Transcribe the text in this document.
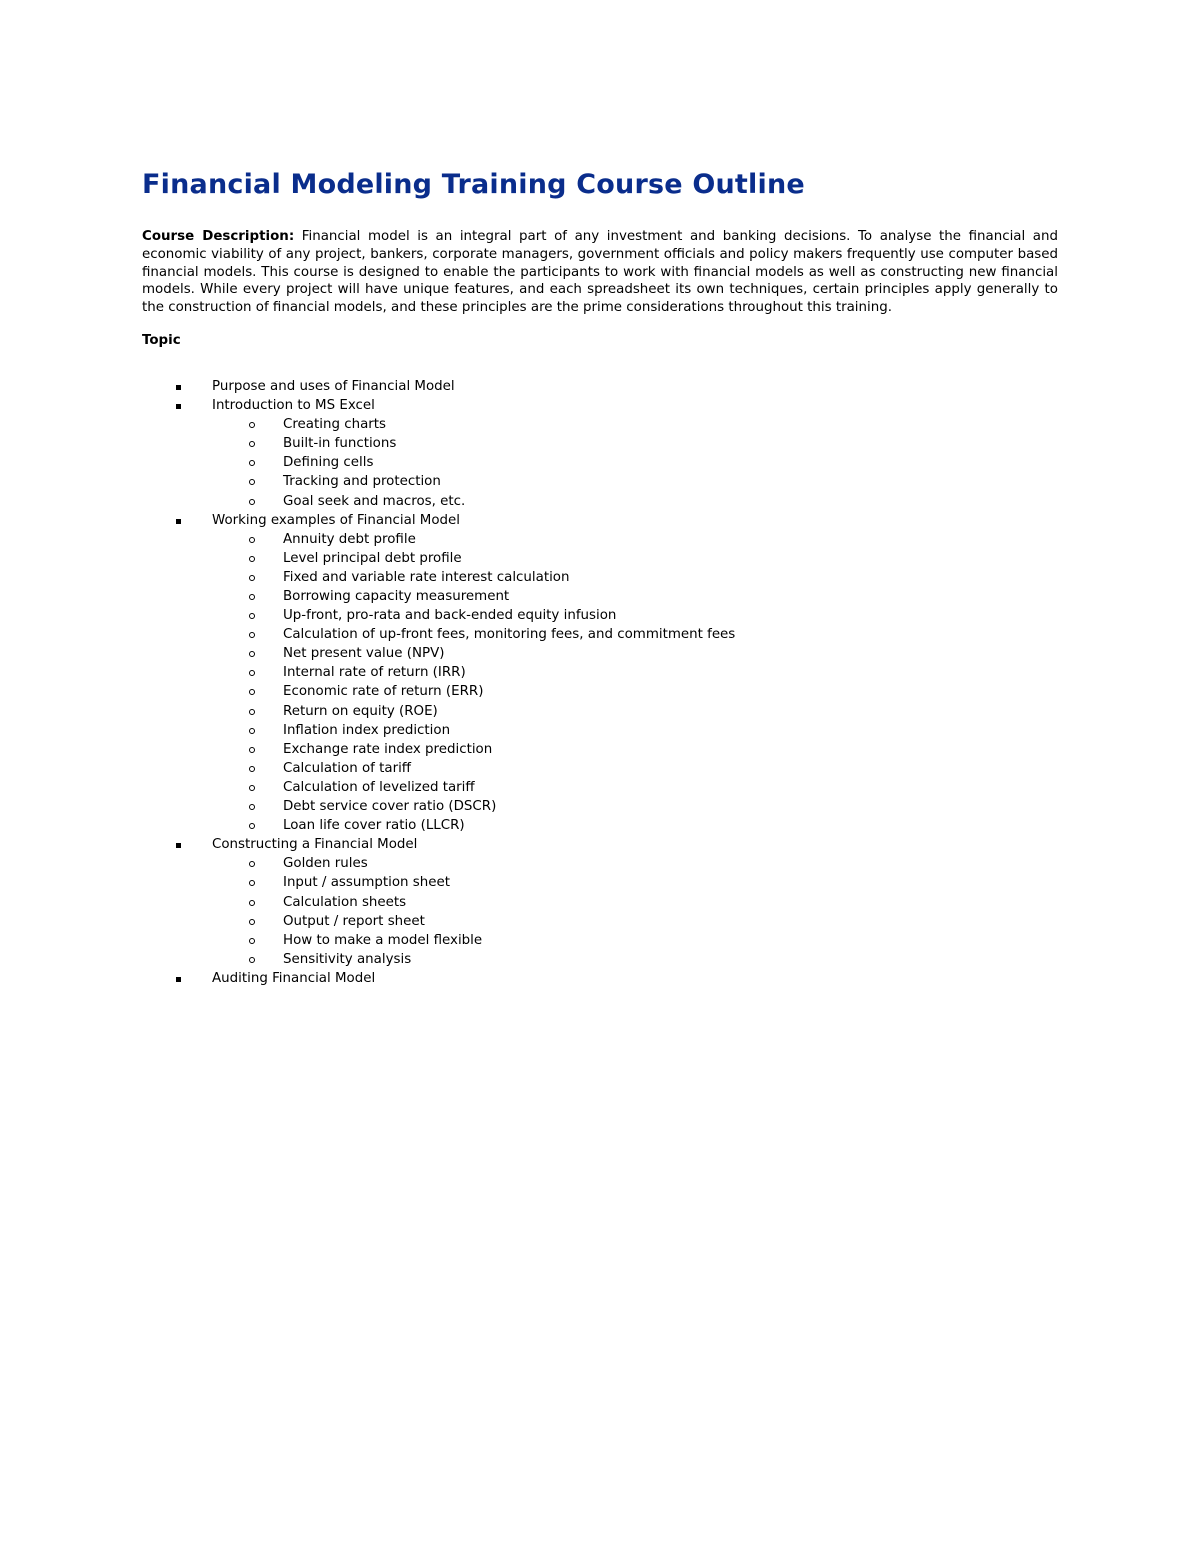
Financial Modeling Training Course Outline

Course Description: Financial model is an integral part of any investment and banking decisions. To analyse the financial and economic viability of any project, bankers, corporate managers, government officials and policy makers frequently use computer based financial models. This course is designed to enable the participants to work with financial models as well as constructing new financial models. While every project will have unique features, and each spreadsheet its own techniques, certain principles apply generally to the construction of financial models, and these principles are the prime considerations throughout this training.

Topic

Purpose and uses of Financial Model
Introduction to MS Excel
Creating charts
Built-in functions
Defining cells
Tracking and protection
Goal seek and macros, etc.
Working examples of Financial Model
Annuity debt profile
Level principal debt profile
Fixed and variable rate interest calculation
Borrowing capacity measurement
Up-front, pro-rata and back-ended equity infusion
Calculation of up-front fees, monitoring fees, and commitment fees
Net present value (NPV)
Internal rate of return (IRR)
Economic rate of return (ERR)
Return on equity (ROE)
Inflation index prediction
Exchange rate index prediction
Calculation of tariff
Calculation of levelized tariff
Debt service cover ratio (DSCR)
Loan life cover ratio (LLCR)
Constructing a Financial Model
Golden rules
Input / assumption sheet
Calculation sheets
Output / report sheet
How to make a model flexible
Sensitivity analysis
Auditing Financial Model
